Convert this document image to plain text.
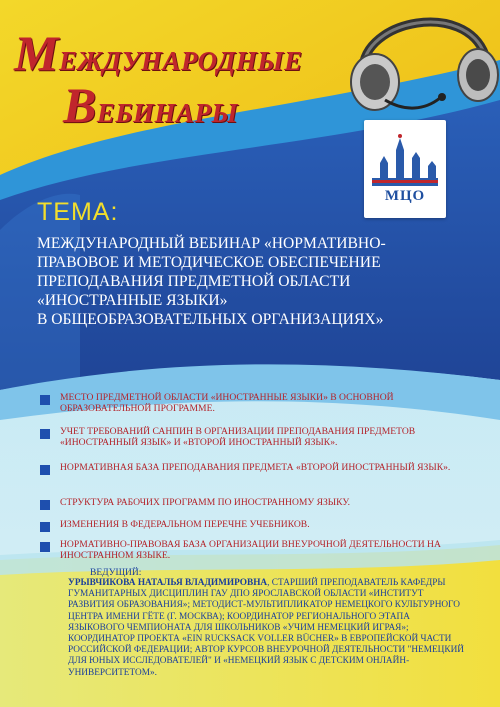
МЕЖДУНАРОДНЫЕ
ВЕБИНАРЫ
МЦО
ТЕМА:
МЕЖДУНАРОДНЫЙ ВЕБИНАР «НОРМАТИВНО-
ПРАВОВОЕ И МЕТОДИЧЕСКОЕ ОБЕСПЕЧЕНИЕ
ПРЕПОДАВАНИЯ ПРЕДМЕТНОЙ ОБЛАСТИ
«ИНОСТРАННЫЕ ЯЗЫКИ»
В ОБЩЕОБРАЗОВАТЕЛЬНЫХ ОРГАНИЗАЦИЯХ»
МЕСТО ПРЕДМЕТНОЙ ОБЛАСТИ «ИНОСТРАННЫЕ ЯЗЫКИ» В ОСНОВНОЙ ОБРАЗОВАТЕЛЬНОЙ ПРОГРАММЕ.
УЧЕТ ТРЕБОВАНИЙ САНПИН В ОРГАНИЗАЦИИ ПРЕПОДАВАНИЯ ПРЕДМЕТОВ «ИНОСТРАННЫЙ ЯЗЫК» И «ВТОРОЙ ИНОСТРАННЫЙ ЯЗЫК».
НОРМАТИВНАЯ БАЗА ПРЕПОДАВАНИЯ ПРЕДМЕТА «ВТОРОЙ ИНОСТРАННЫЙ ЯЗЫК».
СТРУКТУРА РАБОЧИХ ПРОГРАММ ПО ИНОСТРАННОМУ ЯЗЫКУ.
ИЗМЕНЕНИЯ В ФЕДЕРАЛЬНОМ ПЕРЕЧНЕ УЧЕБНИКОВ.
НОРМАТИВНО-ПРАВОВАЯ БАЗА ОРГАНИЗАЦИИ ВНЕУРОЧНОЙ ДЕЯТЕЛЬНОСТИ НА ИНОСТРАННОМ ЯЗЫКЕ.
ВЕДУЩИЙ:
УРЫВЧИКОВА НАТАЛЬЯ ВЛАДИМИРОВНА, СТАРШИЙ ПРЕПОДАВАТЕЛЬ КАФЕДРЫ ГУМАНИТАРНЫХ ДИСЦИПЛИН ГАУ ДПО ЯРОСЛАВСКОЙ ОБЛАСТИ «ИНСТИТУТ РАЗВИТИЯ ОБРАЗОВАНИЯ»; МЕТОДИСТ-МУЛЬТИПЛИКАТОР НЕМЕЦКОГО КУЛЬТУРНОГО ЦЕНТРА ИМЕНИ ГЁТЕ (Г. МОСКВА); КООРДИНАТОР РЕГИОНАЛЬНОГО ЭТАПА ЯЗЫКОВОГО ЧЕМПИОНАТА ДЛЯ ШКОЛЬНИКОВ «УЧИМ НЕМЕЦКИЙ ИГРАЯ»; КООРДИНАТОР ПРОЕКТА «EIN RUCKSACK VOLLER BÜCHER» В ЕВРОПЕЙСКОЙ ЧАСТИ РОССИЙСКОЙ ФЕДЕРАЦИИ; АВТОР КУРСОВ ВНЕУРОЧНОЙ ДЕЯТЕЛЬНОСТИ "НЕМЕЦКИЙ ДЛЯ ЮНЫХ ИССЛЕДОВАТЕЛЕЙ" И «НЕМЕЦКИЙ ЯЗЫК С ДЕТСКИМ ОНЛАЙН-УНИВЕРСИТЕТОМ».
